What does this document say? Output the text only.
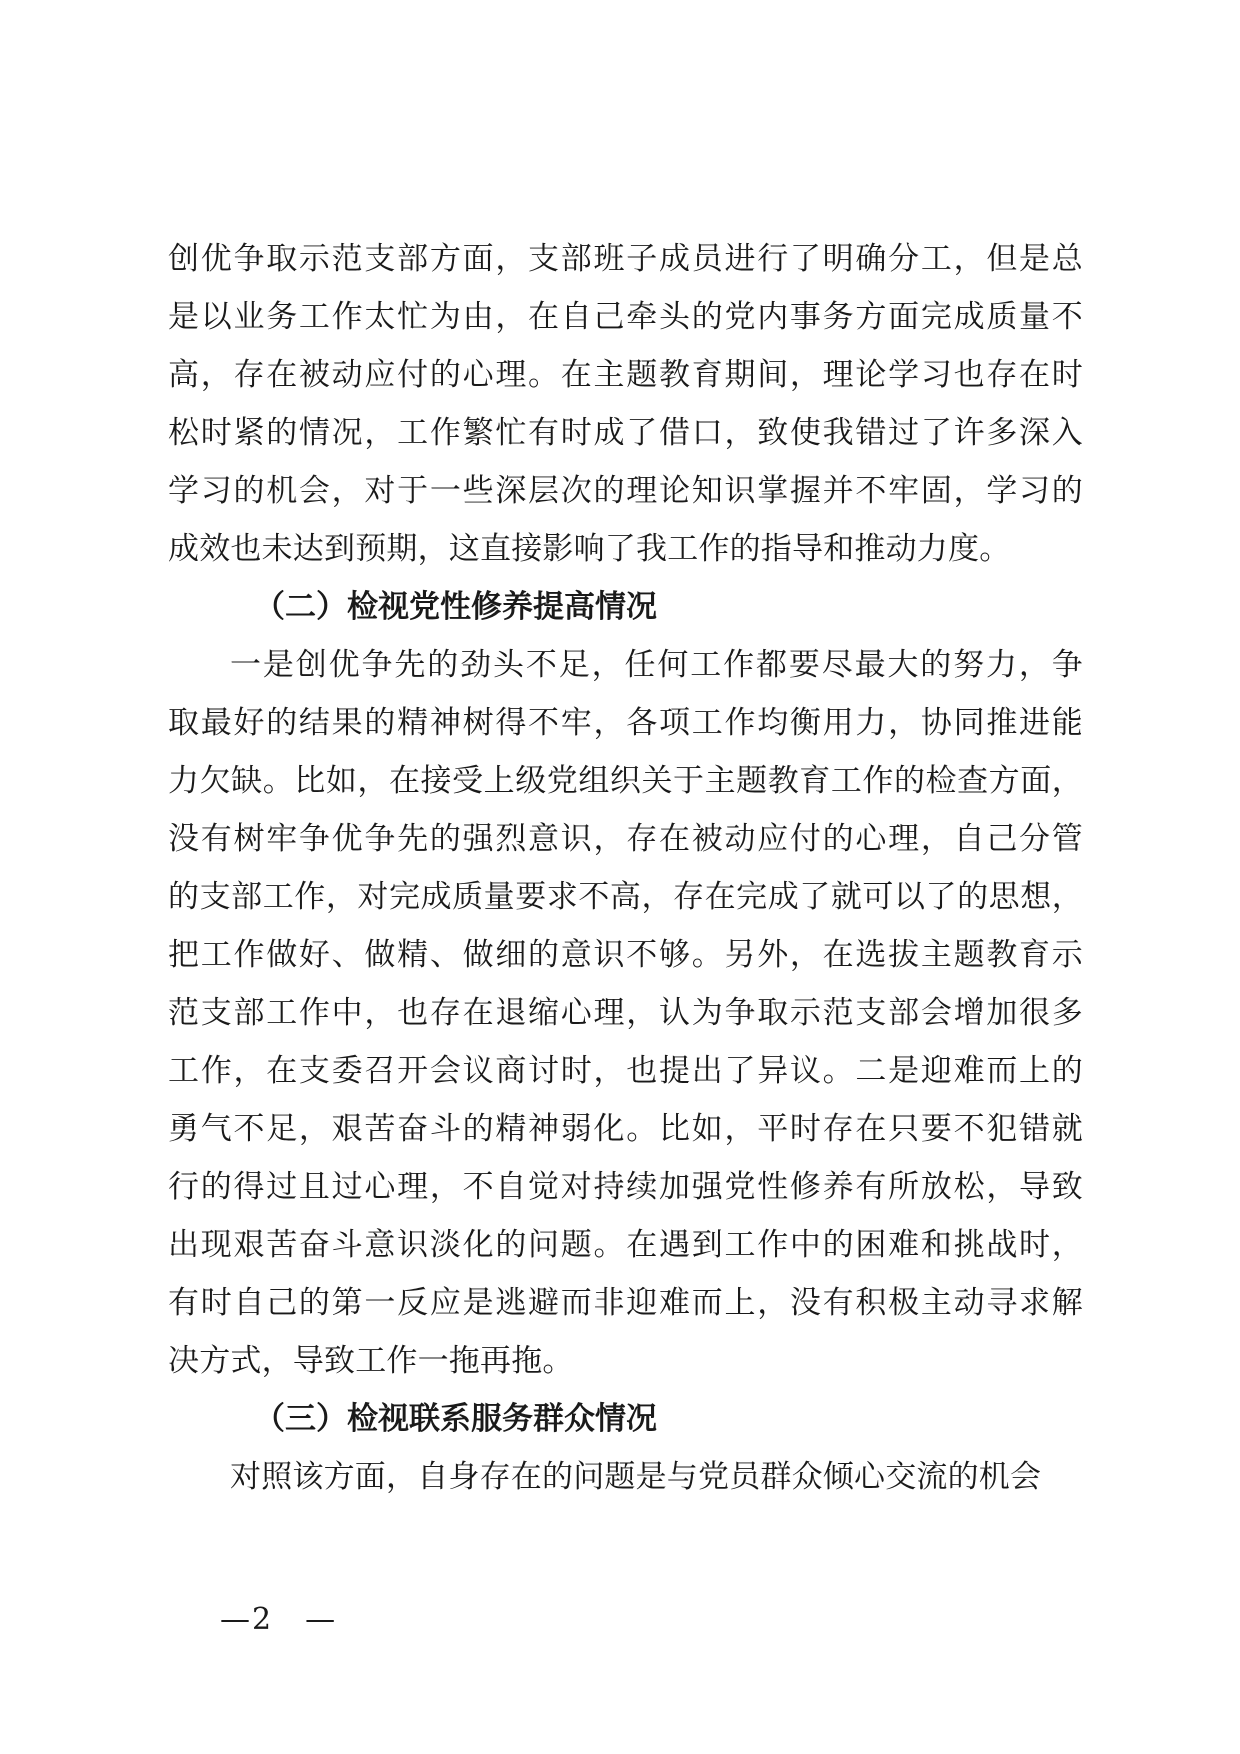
创优争取示范支部方面，支部班子成员进行了明确分工，但是总
是以业务工作太忙为由，在自己牵头的党内事务方面完成质量不
高，存在被动应付的心理。在主题教育期间，理论学习也存在时
松时紧的情况，工作繁忙有时成了借口，致使我错过了许多深入
学习的机会，对于一些深层次的理论知识掌握并不牢固，学习的
成效也未达到预期，这直接影响了我工作的指导和推动力度。
（二）检视党性修养提高情况
一是创优争先的劲头不足，任何工作都要尽最大的努力，争
取最好的结果的精神树得不牢，各项工作均衡用力，协同推进能
力欠缺。比如，在接受上级党组织关于主题教育工作的检查方面，
没有树牢争优争先的强烈意识，存在被动应付的心理，自己分管
的支部工作，对完成质量要求不高，存在完成了就可以了的思想，
把工作做好、做精、做细的意识不够。另外，在选拔主题教育示
范支部工作中，也存在退缩心理，认为争取示范支部会增加很多
工作，在支委召开会议商讨时，也提出了异议。二是迎难而上的
勇气不足，艰苦奋斗的精神弱化。比如，平时存在只要不犯错就
行的得过且过心理，不自觉对持续加强党性修养有所放松，导致
出现艰苦奋斗意识淡化的问题。在遇到工作中的困难和挑战时，
有时自己的第一反应是逃避而非迎难而上，没有积极主动寻求解
决方式，导致工作一拖再拖。
（三）检视联系服务群众情况
对照该方面，自身存在的问题是与党员群众倾心交流的机会
—2　—
